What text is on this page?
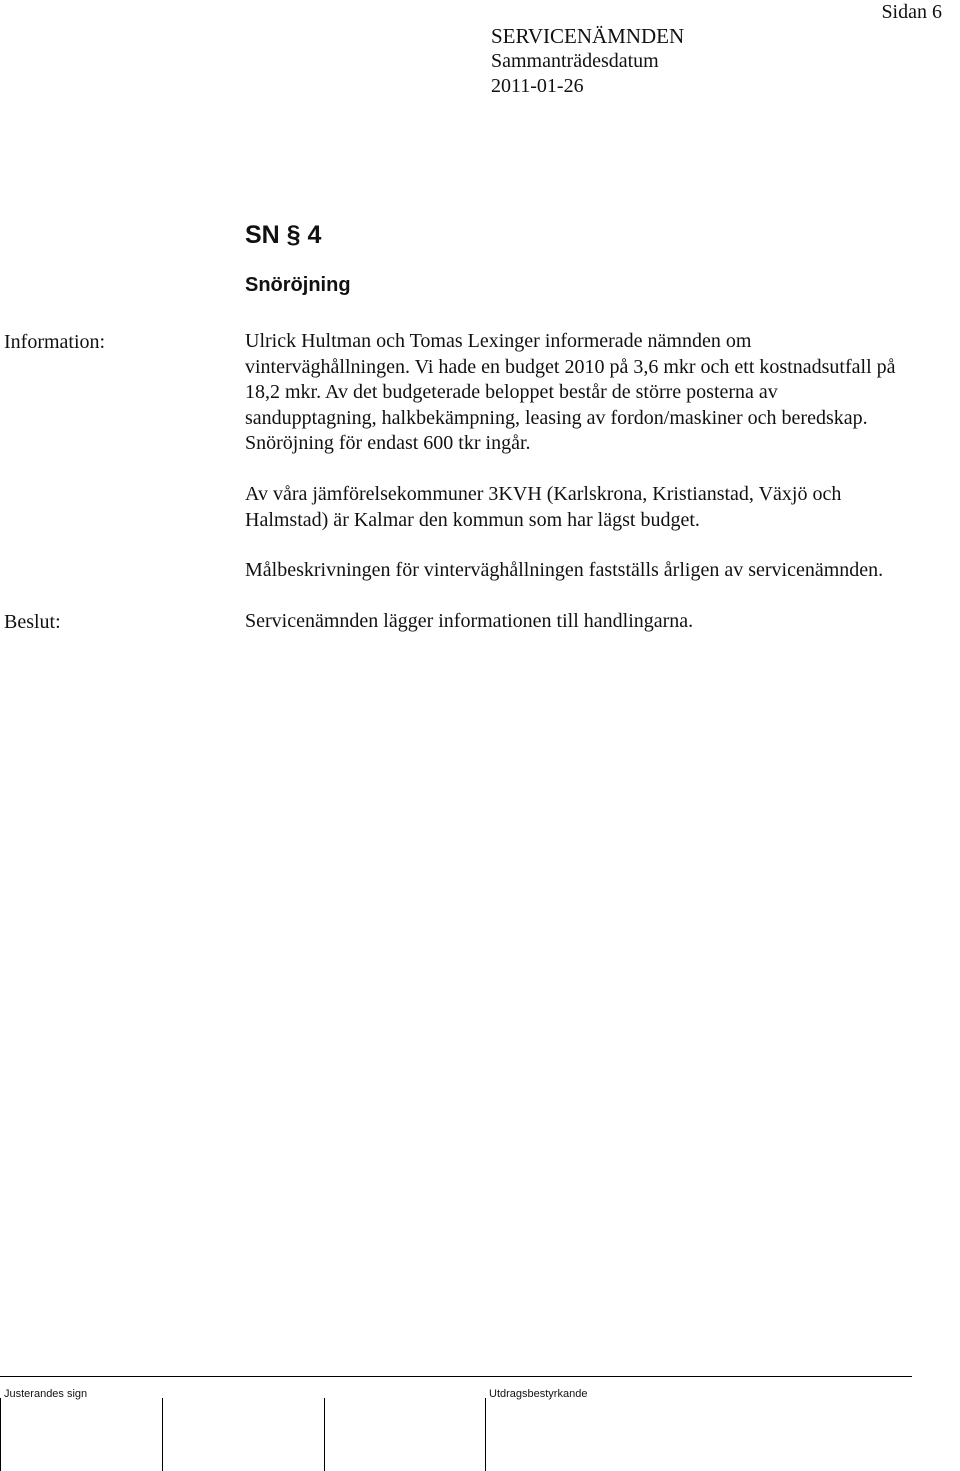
Sidan 6
SERVICENÄMNDEN
Sammanträdesdatum
2011-01-26
SN § 4
Snöröjning
Information:	Ulrick Hultman och Tomas Lexinger informerade nämnden om
vinterväghållningen. Vi hade en budget 2010 på 3,6 mkr och ett kostnadsutfall på
18,2 mkr. Av det budgeterade beloppet består de större posterna av
sandupptagning, halkbekämpning, leasing av fordon/maskiner och beredskap.
Snöröjning för endast 600 tkr ingår.
Av våra jämförelsekommuner 3KVH (Karlskrona, Kristianstad, Växjö och
Halmstad) är Kalmar den kommun som har lägst budget.
Målbeskrivningen för vinterväghållningen fastställs årligen av servicenämnden.
Beslut:	Servicenämnden lägger informationen till handlingarna.
Justerandes sign	Utdragsbestyrkande
